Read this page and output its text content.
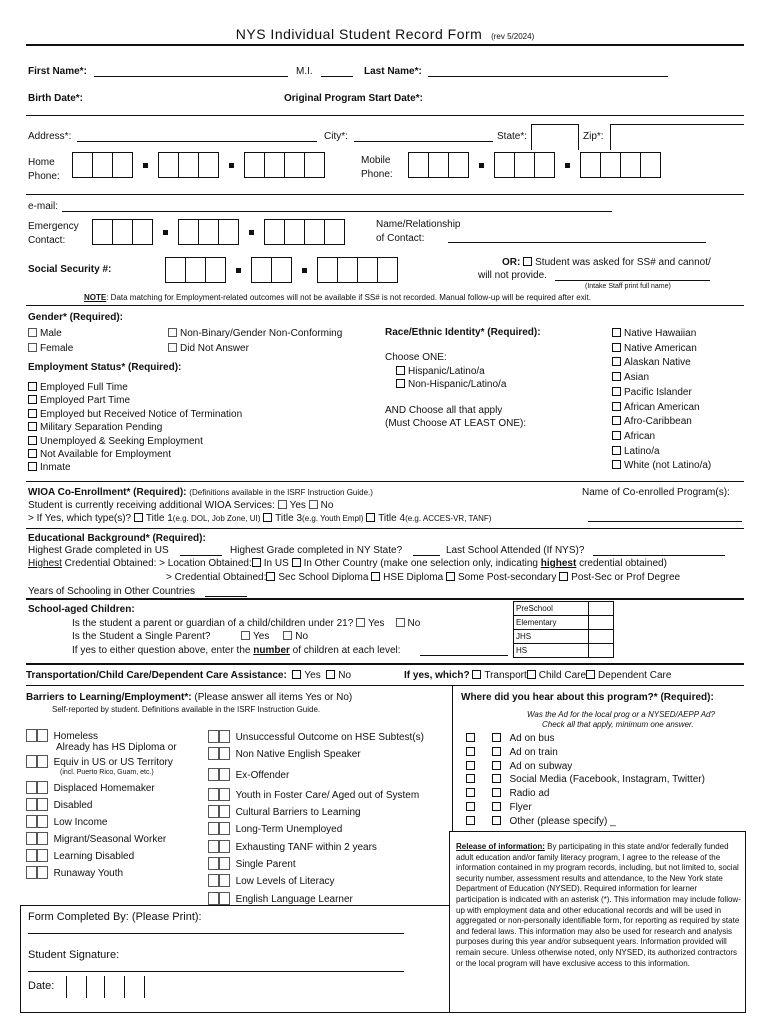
NYS Individual Student Record Form (rev 5/2024)
First Name*:	M.I.	Last Name*:
Birth Date*:	Original Program Start Date*:
Address*:	City*:	State*:	Zip*:
Home
Phone:
Mobile
Phone:
e-mail:
Emergency
Contact:
Name/Relationship
of Contact:
Social Security #:
OR: Student was asked for SS# and cannot/
will not provide.
(Intake Staff print full name)
NOTE: Data matching for Employment-related outcomes will not be available if SS# is not recorded. Manual follow-up will be required after exit.
Gender* (Required):
Male
Female
Non-Binary/Gender Non-Conforming
Did Not Answer
Race/Ethnic Identity* (Required):
Choose ONE:
Hispanic/Latino/a
Non-Hispanic/Latino/a
AND Choose all that apply
(Must Choose AT LEAST ONE):
Native Hawaiian
Native American
Alaskan Native
Asian
Pacific Islander
African American
Afro-Caribbean
African
Latino/a
White (not Latino/a)
Employment Status* (Required):
Employed Full Time
Employed Part Time
Employed but Received Notice of Termination
Military Separation Pending
Unemployed & Seeking Employment
Not Available for Employment
Inmate
WIOA Co-Enrollment* (Required): (Definitions available in the ISRF Instruction Guide.)	Name of Co-enrolled Program(s):
Student is currently receiving additional WIOA Services: Yes No
> If Yes, which type(s)? Title 1(e.g. DOL, Job Zone, UI) Title 3(e.g. Youth Empl) Title 4(e.g. ACCES-VR, TANF)
Educational Background* (Required):
Highest Grade completed in US	Highest Grade completed in NY State?	Last School Attended (If NYS)?
Highest Credential Obtained: > Location Obtained: In US In Other Country (make one selection only, indicating highest credential obtained)
> Credential Obtained: Sec School Diploma HSE Diploma Some Post-secondary Post-Sec or Prof Degree
Years of Schooling in Other Countries
School-aged Children:
Is the student a parent or guardian of a child/children under 21? Yes No
Is the Student a Single Parent?	Yes	No
If yes to either question above, enter the number of children at each level:
PreSchool	
Elementary	
JHS	
HS	
Transportation/Child Care/Dependent Care Assistance: Yes No	If yes, which? Transport Child Care Dependent Care
Barriers to Learning/Employment*: (Please answer all items Yes or No)
Self-reported by student. Definitions available in the ISRF Instruction Guide.
Homeless
Already has HS Diploma or
Equiv in US or US Territory
(incl. Puerto Rico, Guam, etc.)
Displaced Homemaker
Disabled
Low Income
Migrant/Seasonal Worker
Learning Disabled
Runaway Youth
Unsuccessful Outcome on HSE Subtest(s)
Non Native English Speaker
Ex-Offender
Youth in Foster Care/ Aged out of System
Cultural Barriers to Learning
Long-Term Unemployed
Exhausting TANF within 2 years
Single Parent
Low Levels of Literacy
English Language Learner
Where did you hear about this program?* (Required):
Was the Ad for the local prog or a NYSED/AEPP Ad?
Check all that apply, minimum one answer.
Ad on bus
Ad on train
Ad on subway
Social Media (Facebook, Instagram, Twitter)
Radio ad
Flyer
Other (please specify) _
Form Completed By: (Please Print):
Student Signature:
Date:
Release of information: By participating in this state and/or federally funded adult education and/or family literacy program, I agree to the release of the information contained in my program records, including, but not limited to, social security number, assessment results and attendance, to the New York state Department of Education (NYSED). Required information for learner participation is indicated with an asterisk (*). This information may include follow-up with employment data and other educational records and will be used in aggregated or non-personally identifiable form, for reporting as required by state and federal laws. This information may also be used for research and analysis purposes during this year and/or subsequent years. Information provided will remain secure. Unless otherwise noted, only NYSED, its authorized contractors or the local program will have exclusive access to this information.
